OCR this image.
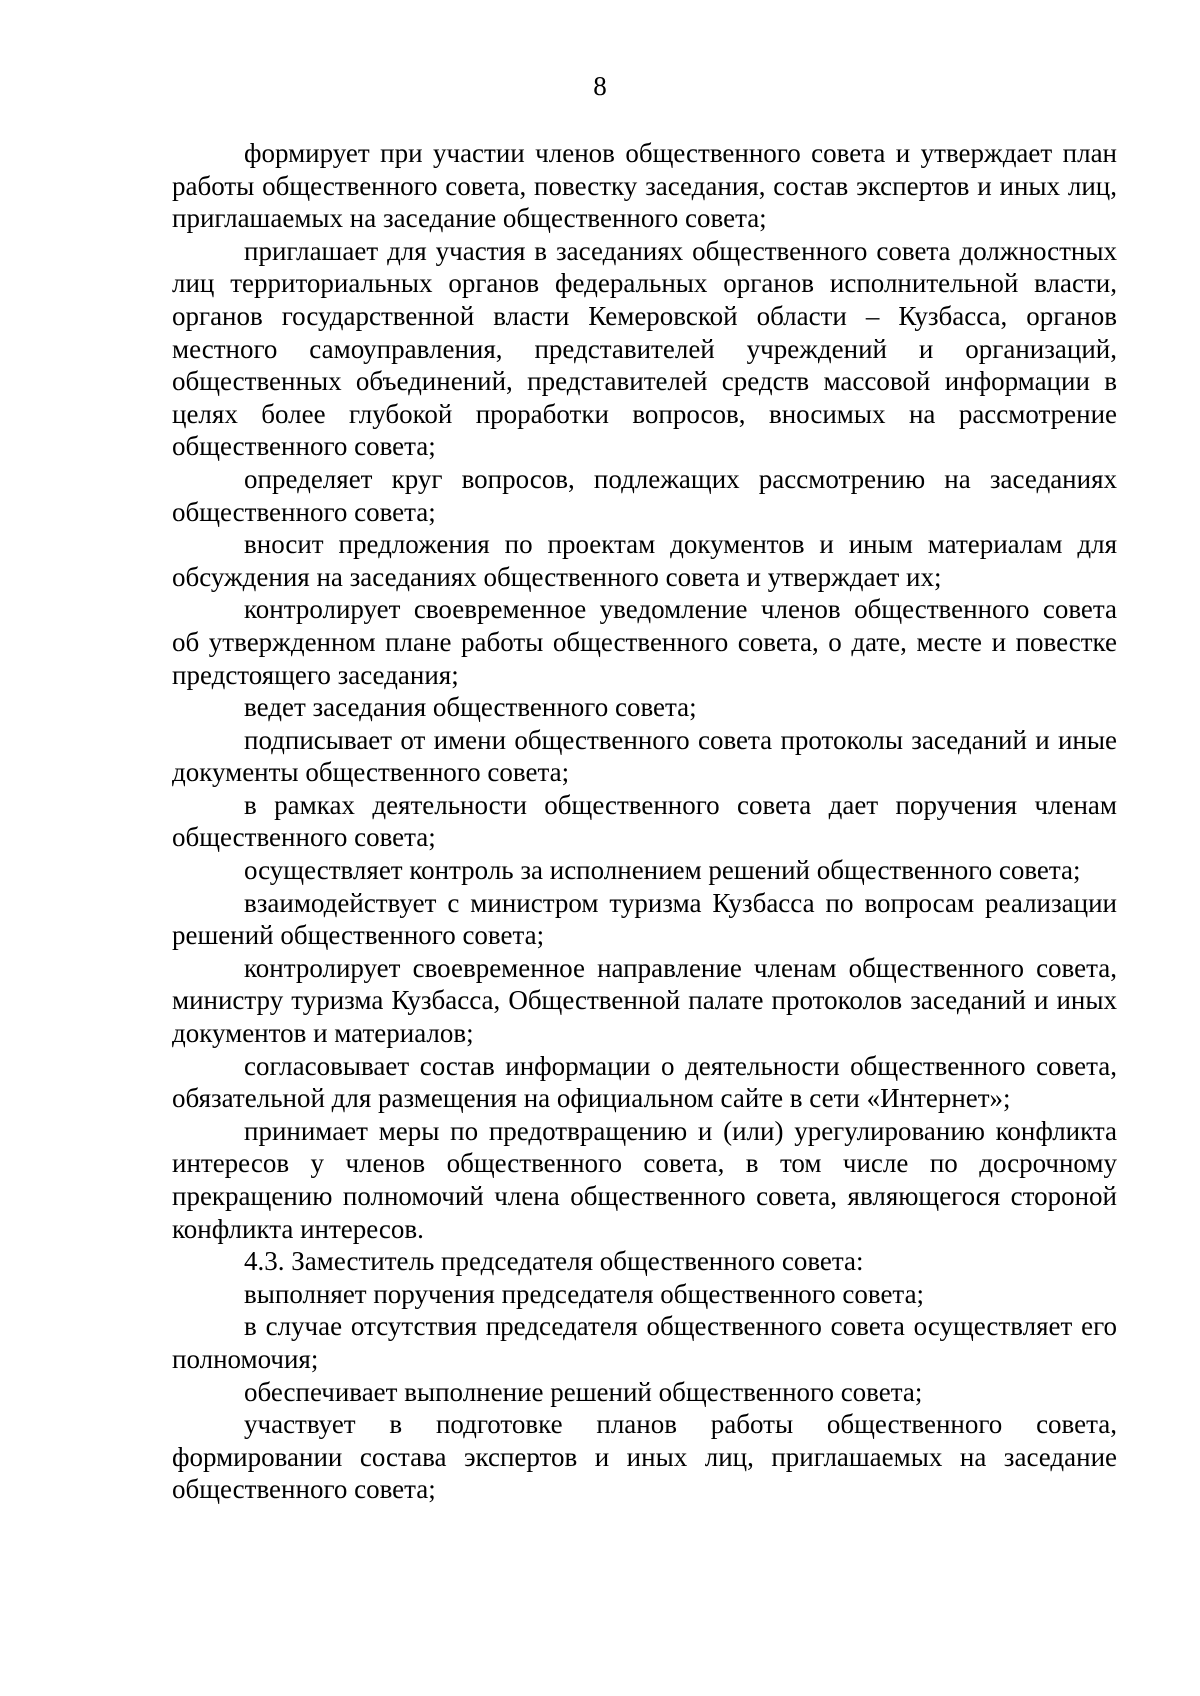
8

формирует при участии членов общественного совета и утверждает план работы общественного совета, повестку заседания, состав экспертов и иных лиц, приглашаемых на заседание общественного совета;

приглашает для участия в заседаниях общественного совета должностных лиц территориальных органов федеральных органов исполнительной власти, органов государственной власти Кемеровской области – Кузбасса, органов местного самоуправления, представителей учреждений и организаций, общественных объединений, представителей средств массовой информации в целях более глубокой проработки вопросов, вносимых на рассмотрение общественного совета;

определяет круг вопросов, подлежащих рассмотрению на заседаниях общественного совета;

вносит предложения по проектам документов и иным материалам для обсуждения на заседаниях общественного совета и утверждает их;

контролирует своевременное уведомление членов общественного совета об утвержденном плане работы общественного совета, о дате, месте и повестке предстоящего заседания;

ведет заседания общественного совета;

подписывает от имени общественного совета протоколы заседаний и иные документы общественного совета;

в рамках деятельности общественного совета дает поручения членам общественного совета;

осуществляет контроль за исполнением решений общественного совета;

взаимодействует с министром туризма Кузбасса по вопросам реализации решений общественного совета;

контролирует своевременное направление членам общественного совета, министру туризма Кузбасса, Общественной палате протоколов заседаний и иных документов и материалов;

согласовывает состав информации о деятельности общественного совета, обязательной для размещения на официальном сайте в сети «Интернет»;

принимает меры по предотвращению и (или) урегулированию конфликта интересов у членов общественного совета, в том числе по досрочному прекращению полномочий члена общественного совета, являющегося стороной конфликта интересов.

4.3. Заместитель председателя общественного совета:

выполняет поручения председателя общественного совета;

в случае отсутствия председателя общественного совета осуществляет его полномочия;

обеспечивает выполнение решений общественного совета;

участвует в подготовке планов работы общественного совета, формировании состава экспертов и иных лиц, приглашаемых на заседание общественного совета;
